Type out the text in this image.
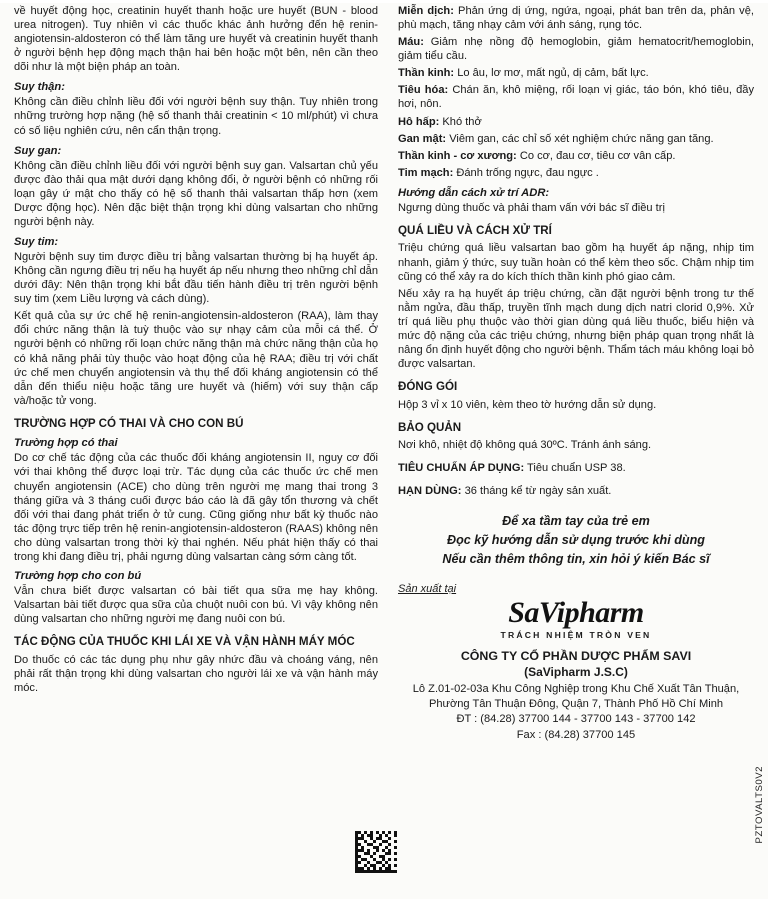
về huyết động học, creatinin huyết thanh hoặc ure huyết (BUN - blood urea nitrogen). Tuy nhiên vì các thuốc khác ảnh hưởng đến hệ renin-angiotensin-aldosteron có thể làm tăng ure huyết và creatinin huyết thanh ở người bệnh hẹp động mạch thận hai bên hoặc một bên, nên cần theo dõi như là một biện pháp an toàn.

Suy thận:

Không cần điều chỉnh liều đối với người bệnh suy thận. Tuy nhiên trong những trường hợp nặng (hệ số thanh thải creatinin < 10 ml/phút) vì chưa có số liệu nghiên cứu, nên cẩn thận trọng.

Suy gan:

Không cần điều chỉnh liều đối với người bệnh suy gan. Valsartan chủ yếu được đào thải qua mật dưới dạng không đổi, ở người bệnh có những rối loạn gây ứ mật cho thấy có hệ số thanh thải valsartan thấp hơn (xem Dược động học). Nên đặc biệt thận trọng khi dùng valsartan cho những người bệnh này.

Suy tim:

Người bệnh suy tim được điều trị bằng valsartan thường bị hạ huyết áp. Không cần ngưng điều trị nếu hạ huyết áp nếu nhưng theo những chỉ dẫn dưới đây: Nên thận trọng khi bắt đầu tiến hành điều trị trên người bệnh suy tim (xem Liều lượng và cách dùng).

Kết quả của sự ức chế hệ renin-angiotensin-aldosteron (RAA), làm thay đổi chức năng thận là tuỳ thuộc vào sự nhạy cảm của mỗi cá thể. Ở người bệnh có những rối loạn chức năng thận mà chức năng thận của họ có khả năng phải tùy thuộc vào hoạt động của hệ RAA; điều trị với chất ức chế men chuyển angiotensin và thụ thể đối kháng angiotensin có thể dẫn đến thiểu niệu hoặc tăng ure huyết và (hiếm) với suy thận cấp và/hoặc tử vong.

TRƯỜNG HỢP CÓ THAI VÀ CHO CON BÚ
Trường hợp có thai

Do cơ chế tác động của các thuốc đối kháng angiotensin II, nguy cơ đối với thai không thể được loại trừ. Tác dụng của các thuốc ức chế men chuyển angiotensin (ACE) cho dùng trên người mẹ mang thai trong 3 tháng giữa và 3 tháng cuối được báo cáo là đã gây tổn thương và chết đối với thai đang phát triển ở tử cung. Cũng giống như bất kỳ thuốc nào tác động trực tiếp trên hệ renin-angiotensin-aldosteron (RAAS) không nên cho dùng valsartan trong thời kỳ thai nghén. Nếu phát hiện thấy có thai trong khi đang điều trị, phải ngưng dùng valsartan càng sớm càng tốt.

Trường hợp cho con bú

Vẫn chưa biết được valsartan có bài tiết qua sữa mẹ hay không. Valsartan bài tiết được qua sữa của chuột nuôi con bú. Vì vậy không nên dùng valsartan cho những người mẹ đang nuôi con bú.

TÁC ĐỘNG CỦA THUỐC KHI LÁI XE VÀ VẬN HÀNH MÁY MÓC

Do thuốc có các tác dụng phụ như gây nhức đầu và choáng váng, nên phải rất thận trọng khi dùng valsartan cho người lái xe và vận hành máy móc.

Miễn dịch: Phản ứng dị ứng, ngứa, ngoại, phát ban trên da, phản vệ, phù mạch, tăng nhạy cảm với ánh sáng, rụng tóc.

Máu: Giảm nhẹ nồng độ hemoglobin, giảm hematocrit/hemoglobin, giảm tiểu cầu.

Thần kinh: Lo âu, lơ mơ, mất ngủ, dị cảm, bất lực.

Tiêu hóa: Chán ăn, khô miệng, rối loạn vị giác, táo bón, khó tiêu, đầy hơi, nôn.

Hô hấp: Khó thở

Gan mật: Viêm gan, các chỉ số xét nghiệm chức năng gan tăng.

Thần kinh - cơ xương: Co cơ, đau cơ, tiêu cơ vân cấp.

Tim mạch: Đánh trống ngực, đau ngực .

Hướng dẫn cách xử trí ADR:

Ngưng dùng thuốc và phải tham vấn với bác sĩ điều trị

QUÁ LIỀU VÀ CÁCH XỬ TRÍ

Triệu chứng quá liều valsartan bao gồm hạ huyết áp nặng, nhịp tim nhanh, giảm ý thức, suy tuần hoàn có thể kèm theo sốc. Chậm nhịp tim cũng có thể xảy ra do kích thích thần kinh phó giao cảm.

Nếu xảy ra hạ huyết áp triệu chứng, cần đặt người bệnh trong tư thế nằm ngửa, đầu thấp, truyền tĩnh mạch dung dịch natri clorid 0,9%. Xử trí quá liều phụ thuộc vào thời gian dùng quá liều thuốc, biểu hiện và mức độ nặng của các triệu chứng, nhưng biện pháp quan trọng nhất là nâng ổn định huyết động cho người bệnh. Thẩm tách máu không loại bỏ được valsartan.

ĐÓNG GÓI

Hộp 3 vỉ x 10 viên, kèm theo tờ hướng dẫn sử dụng.

BẢO QUẢN

Nơi khô, nhiệt độ không quá 30ºC. Tránh ánh sáng.

TIÊU CHUẨN ÁP DỤNG: Tiêu chuẩn USP 38.

HẠN DÙNG: 36 tháng kể từ ngày sản xuất.

Để xa tầm tay của trẻ em
Đọc kỹ hướng dẫn sử dụng trước khi dùng
Nếu cần thêm thông tin, xin hỏi ý kiến Bác sĩ
Sản xuất tại
SaVipharm
TRÁCH NHIỆM TRÒN VEN
CÔNG TY CỔ PHẦN DƯỢC PHẨM SAVI
(SaVipharm J.S.C)
Lô Z.01-02-03a Khu Công Nghiệp trong Khu Chế Xuất Tân Thuận,
Phường Tân Thuận Đông, Quận 7, Thành Phố Hồ Chí Minh
ĐT : (84.28) 37700 144 - 37700 143 - 37700 142
Fax : (84.28) 37700 145
PZTOVALTS0V2
